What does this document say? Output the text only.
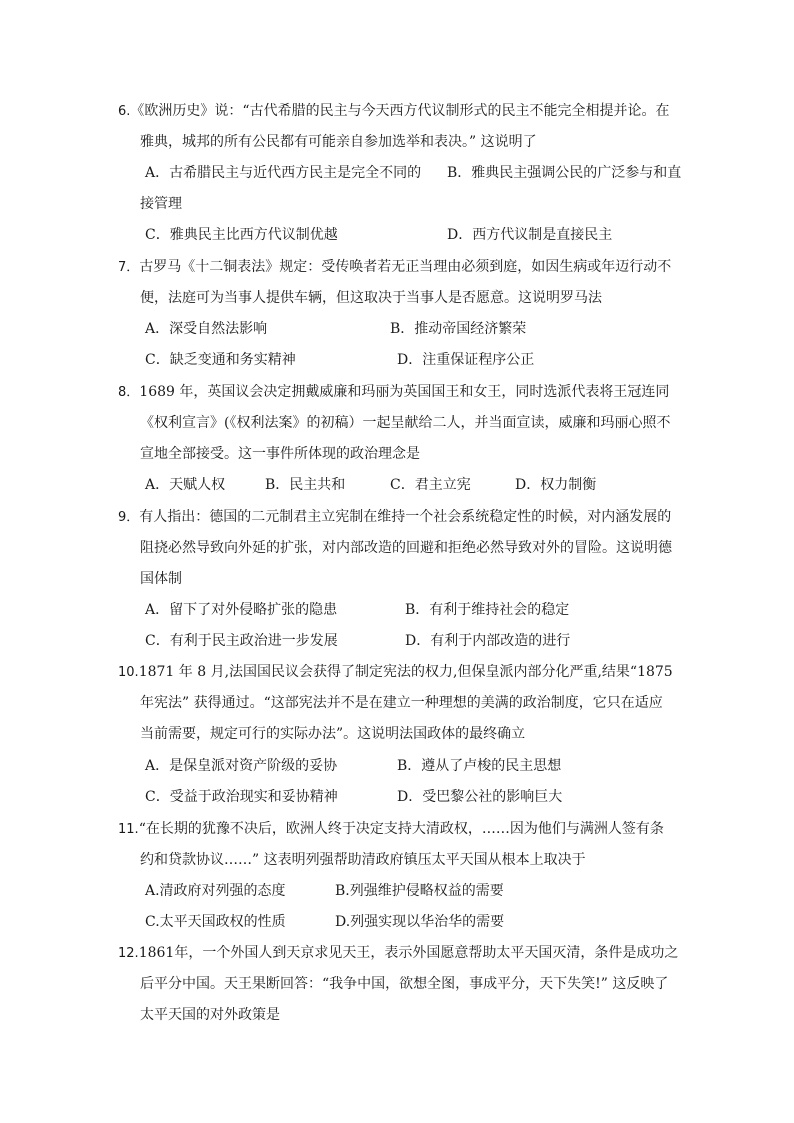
6.《欧洲历史》说：“古代希腊的民主与今天西方代议制形式的民主不能完全相提并论。在
雅典，城邦的所有公民都有可能亲自参加选举和表决。” 这说明了
A．古希腊民主与近代西方民主是完全不同的 B．雅典民主强调公民的广泛参与和直
接管理
C．雅典民主比西方代议制优越	D．西方代议制是直接民主
7．古罗马《十二铜表法》规定：受传唤者若无正当理由必须到庭，如因生病或年迈行动不
便，法庭可为当事人提供车辆，但这取决于当事人是否愿意。这说明罗马法
A．深受自然法影响	B．推动帝国经济繁荣
C．缺乏变通和务实精神	D．注重保证程序公正
8．1689 年，英国议会决定拥戴威廉和玛丽为英国国王和女王，同时选派代表将王冠连同
《权利宣言》(《权利法案》的初稿）一起呈献给二人，并当面宣读，威廉和玛丽心照不
宣地全部接受。这一事件所体现的政治理念是
A．天赋人权	B．民主共和	C．君主立宪	D．权力制衡
9．有人指出：德国的二元制君主立宪制在维持一个社会系统稳定性的时候，对内涵发展的
阻挠必然导致向外延的扩张，对内部改造的回避和拒绝必然导致对外的冒险。这说明德
国体制
A．留下了对外侵略扩张的隐患	B．有利于维持社会的稳定
C．有利于民主政治进一步发展	D．有利于内部改造的进行
10.1871 年 8 月,法国国民议会获得了制定宪法的权力,但保皇派内部分化严重,结果“1875
年宪法” 获得通过。“这部宪法并不是在建立一种理想的美满的政治制度，它只在适应
当前需要，规定可行的实际办法”。这说明法国政体的最终确立
A．是保皇派对资产阶级的妥协	B．遵从了卢梭的民主思想
C．受益于政治现实和妥协精神	D．受巴黎公社的影响巨大
11.“在长期的犹豫不决后，欧洲人终于决定支持大清政权，……因为他们与满洲人签有条
约和贷款协议……” 这表明列强帮助清政府镇压太平天国从根本上取决于
A.清政府对列强的态度	B.列强维护侵略权益的需要
C.太平天国政权的性质	D.列强实现以华治华的需要
12.1861年，一个外国人到天京求见天王，表示外国愿意帮助太平天国灭清，条件是成功之
后平分中国。天王果断回答：“我争中国，欲想全图，事成平分，天下失笑!” 这反映了
太平天国的对外政策是
